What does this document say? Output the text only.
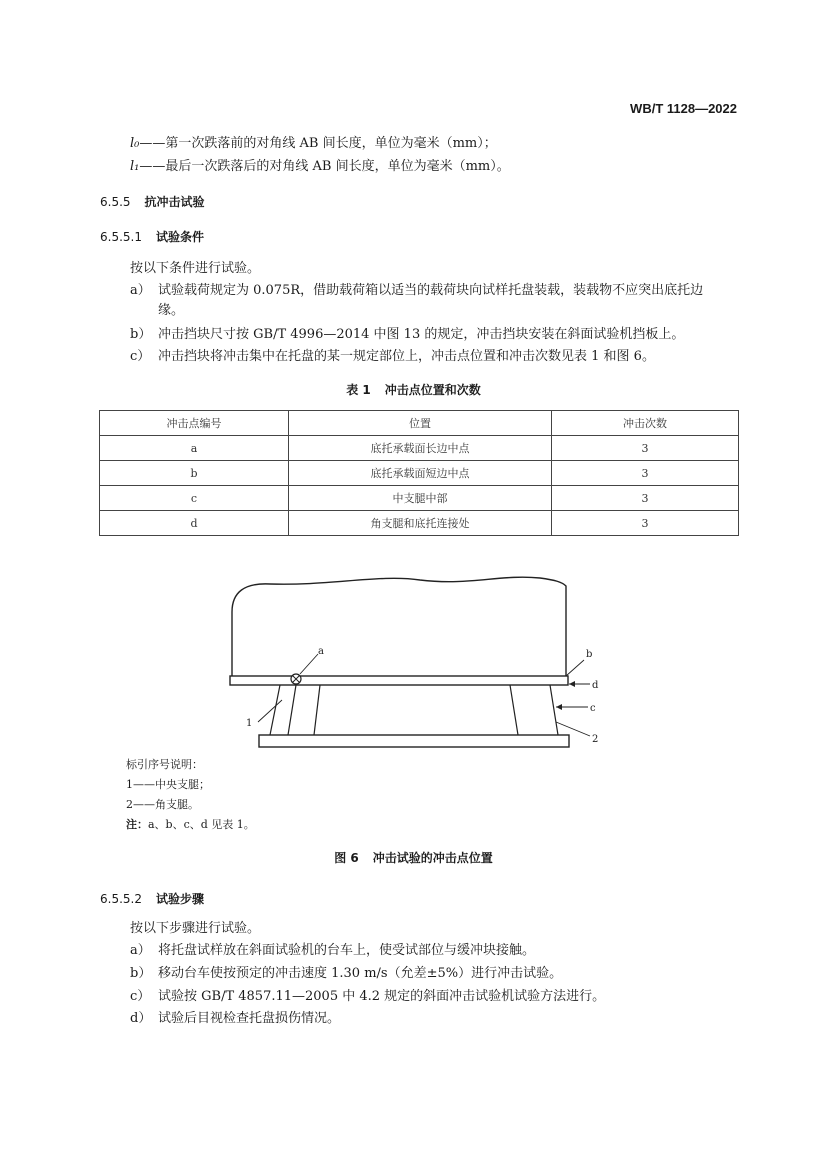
WB/T 1128—2022
l₀——第一次跌落前的对角线 AB 间长度，单位为毫米（mm）；
l₁——最后一次跌落后的对角线 AB 间长度，单位为毫米（mm）。
6.5.5 抗冲击试验
6.5.5.1 试验条件
按以下条件进行试验。
a） 试验载荷规定为 0.075R，借助载荷箱以适当的载荷块向试样托盘装载，装载物不应突出底托边缘。
b） 冲击挡块尺寸按 GB/T 4996—2014 中图 13 的规定，冲击挡块安装在斜面试验机挡板上。
c） 冲击挡块将冲击集中在托盘的某一规定部位上，冲击点位置和冲击次数见表 1 和图 6。
表 1 冲击点位置和次数
冲击点编号	位置	冲击次数
a	底托承载面长边中点	3
b	底托承载面短边中点	3
c	中支腿中部	3
d	角支腿和底托连接处	3
a	b
d
c
1
2
标引序号说明：
1——中央支腿；
2——角支腿。
注：a、b、c、d 见表 1。
图 6 冲击试验的冲击点位置
6.5.5.2 试验步骤
按以下步骤进行试验。
a） 将托盘试样放在斜面试验机的台车上，使受试部位与缓冲块接触。
b） 移动台车使按预定的冲击速度 1.30 m/s（允差±5%）进行冲击试验。
c） 试验按 GB/T 4857.11—2005 中 4.2 规定的斜面冲击试验机试验方法进行。
d） 试验后目视检查托盘损伤情况。
